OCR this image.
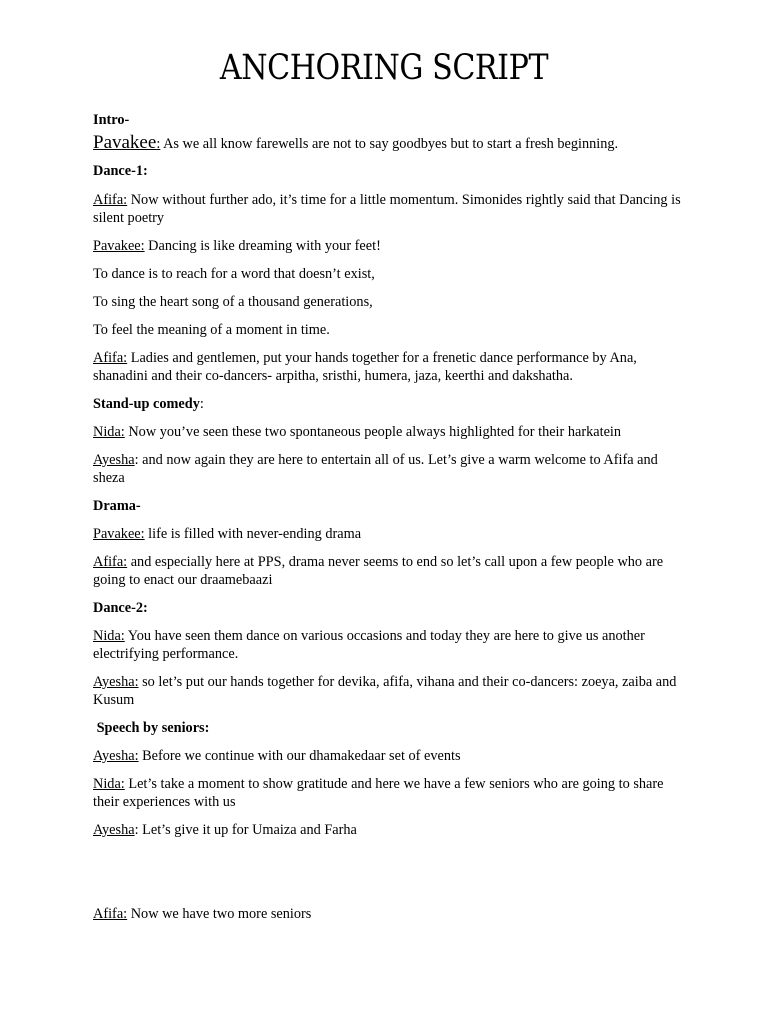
ANCHORING SCRIPT

Intro-

Pavakee: As we all know farewells are not to say goodbyes but to start a fresh beginning.

Dance-1:

Afifa: Now without further ado, it’s time for a little momentum. Simonides rightly said that Dancing is silent poetry

Pavakee: Dancing is like dreaming with your feet!

To dance is to reach for a word that doesn’t exist,

To sing the heart song of a thousand generations,

To feel the meaning of a moment in time.

Afifa: Ladies and gentlemen, put your hands together for a frenetic dance performance by Ana, shanadini and their co-dancers- arpitha, sristhi, humera, jaza, keerthi and dakshatha.

Stand-up comedy:

Nida: Now you’ve seen these two spontaneous people always highlighted for their harkatein

Ayesha: and now again they are here to entertain all of us. Let’s give a warm welcome to Afifa and sheza

Drama-

Pavakee: life is filled with never-ending drama

Afifa: and especially here at PPS, drama never seems to end so let’s call upon a few people who are going to enact our draamebaazi

Dance-2:

Nida: You have seen them dance on various occasions and today they are here to give us another electrifying performance.

Ayesha: so let’s put our hands together for devika, afifa, vihana and their co-dancers: zoeya, zaiba and Kusum

Speech by seniors:

Ayesha: Before we continue with our dhamakedaar set of events

Nida: Let’s take a moment to show gratitude and here we have a few seniors who are going to share their experiences with us

Ayesha: Let’s give it up for Umaiza and Farha

Afifa: Now we have two more seniors
